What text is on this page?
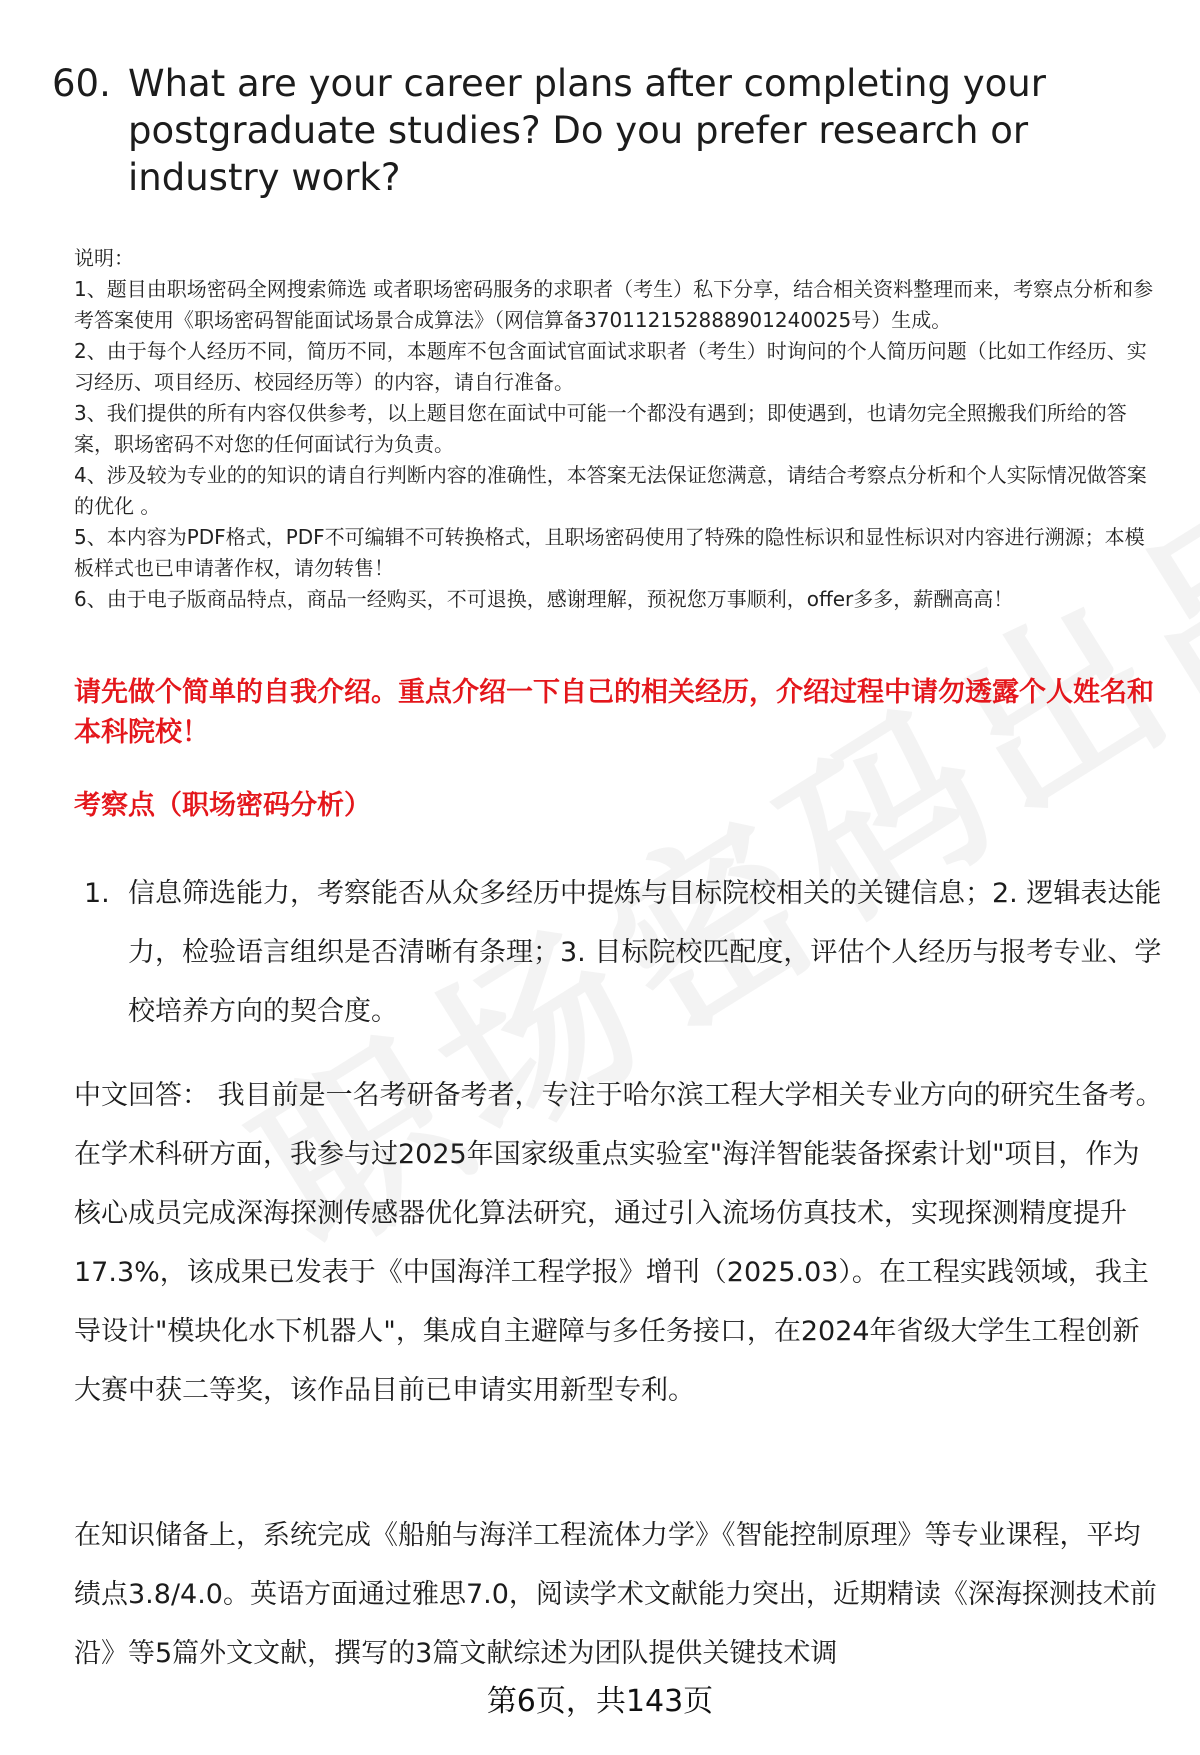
60. What are your career plans after completing your postgraduate studies? Do you prefer research or industry work?

说明：

1、题目由职场密码全网搜索筛选 或者职场密码服务的求职者（考生）私下分享，结合相关资料整理而来，考察点分析和参考答案使用《职场密码智能面试场景合成算法》（网信算备370112152888901240025号）生成。

2、由于每个人经历不同，简历不同，本题库不包含面试官面试求职者（考生）时询问的个人简历问题（比如工作经历、实习经历、项目经历、校园经历等）的内容，请自行准备。

3、我们提供的所有内容仅供参考，以上题目您在面试中可能一个都没有遇到；即使遇到，也请勿完全照搬我们所给的答案，职场密码不对您的任何面试行为负责。

4、涉及较为专业的的知识的请自行判断内容的准确性，本答案无法保证您满意，请结合考察点分析和个人实际情况做答案的优化 。

5、本内容为PDF格式，PDF不可编辑不可转换格式，且职场密码使用了特殊的隐性标识和显性标识对内容进行溯源；本模板样式也已申请著作权，请勿转售！

6、由于电子版商品特点，商品一经购买，不可退换，感谢理解，预祝您万事顺利，offer多多，薪酬高高！

请先做个简单的自我介绍。重点介绍一下自己的相关经历，介绍过程中请勿透露个人姓名和本科院校！
考察点（职场密码分析）
1. 信息筛选能力，考察能否从众多经历中提炼与目标院校相关的关键信息；2. 逻辑表达能力，检验语言组织是否清晰有条理；3. 目标院校匹配度，评估个人经历与报考专业、学校培养方向的契合度。

中文回答： 我目前是一名考研备考者，专注于哈尔滨工程大学相关专业方向的研究生备考。在学术科研方面，我参与过2025年国家级重点实验室"海洋智能装备探索计划"项目，作为核心成员完成深海探测传感器优化算法研究，通过引入流场仿真技术，实现探测精度提升17.3%，该成果已发表于《中国海洋工程学报》增刊（2025.03）。在工程实践领域，我主导设计"模块化水下机器人"，集成自主避障与多任务接口，在2024年省级大学生工程创新大赛中获二等奖，该作品目前已申请实用新型专利。

在知识储备上，系统完成《船舶与海洋工程流体力学》《智能控制原理》等专业课程，平均绩点3.8/4.0。英语方面通过雅思7.0，阅读学术文献能力突出，近期精读《深海探测技术前沿》等5篇外文文献，撰写的3篇文献综述为团队提供关键技术调

第6页，共143页
